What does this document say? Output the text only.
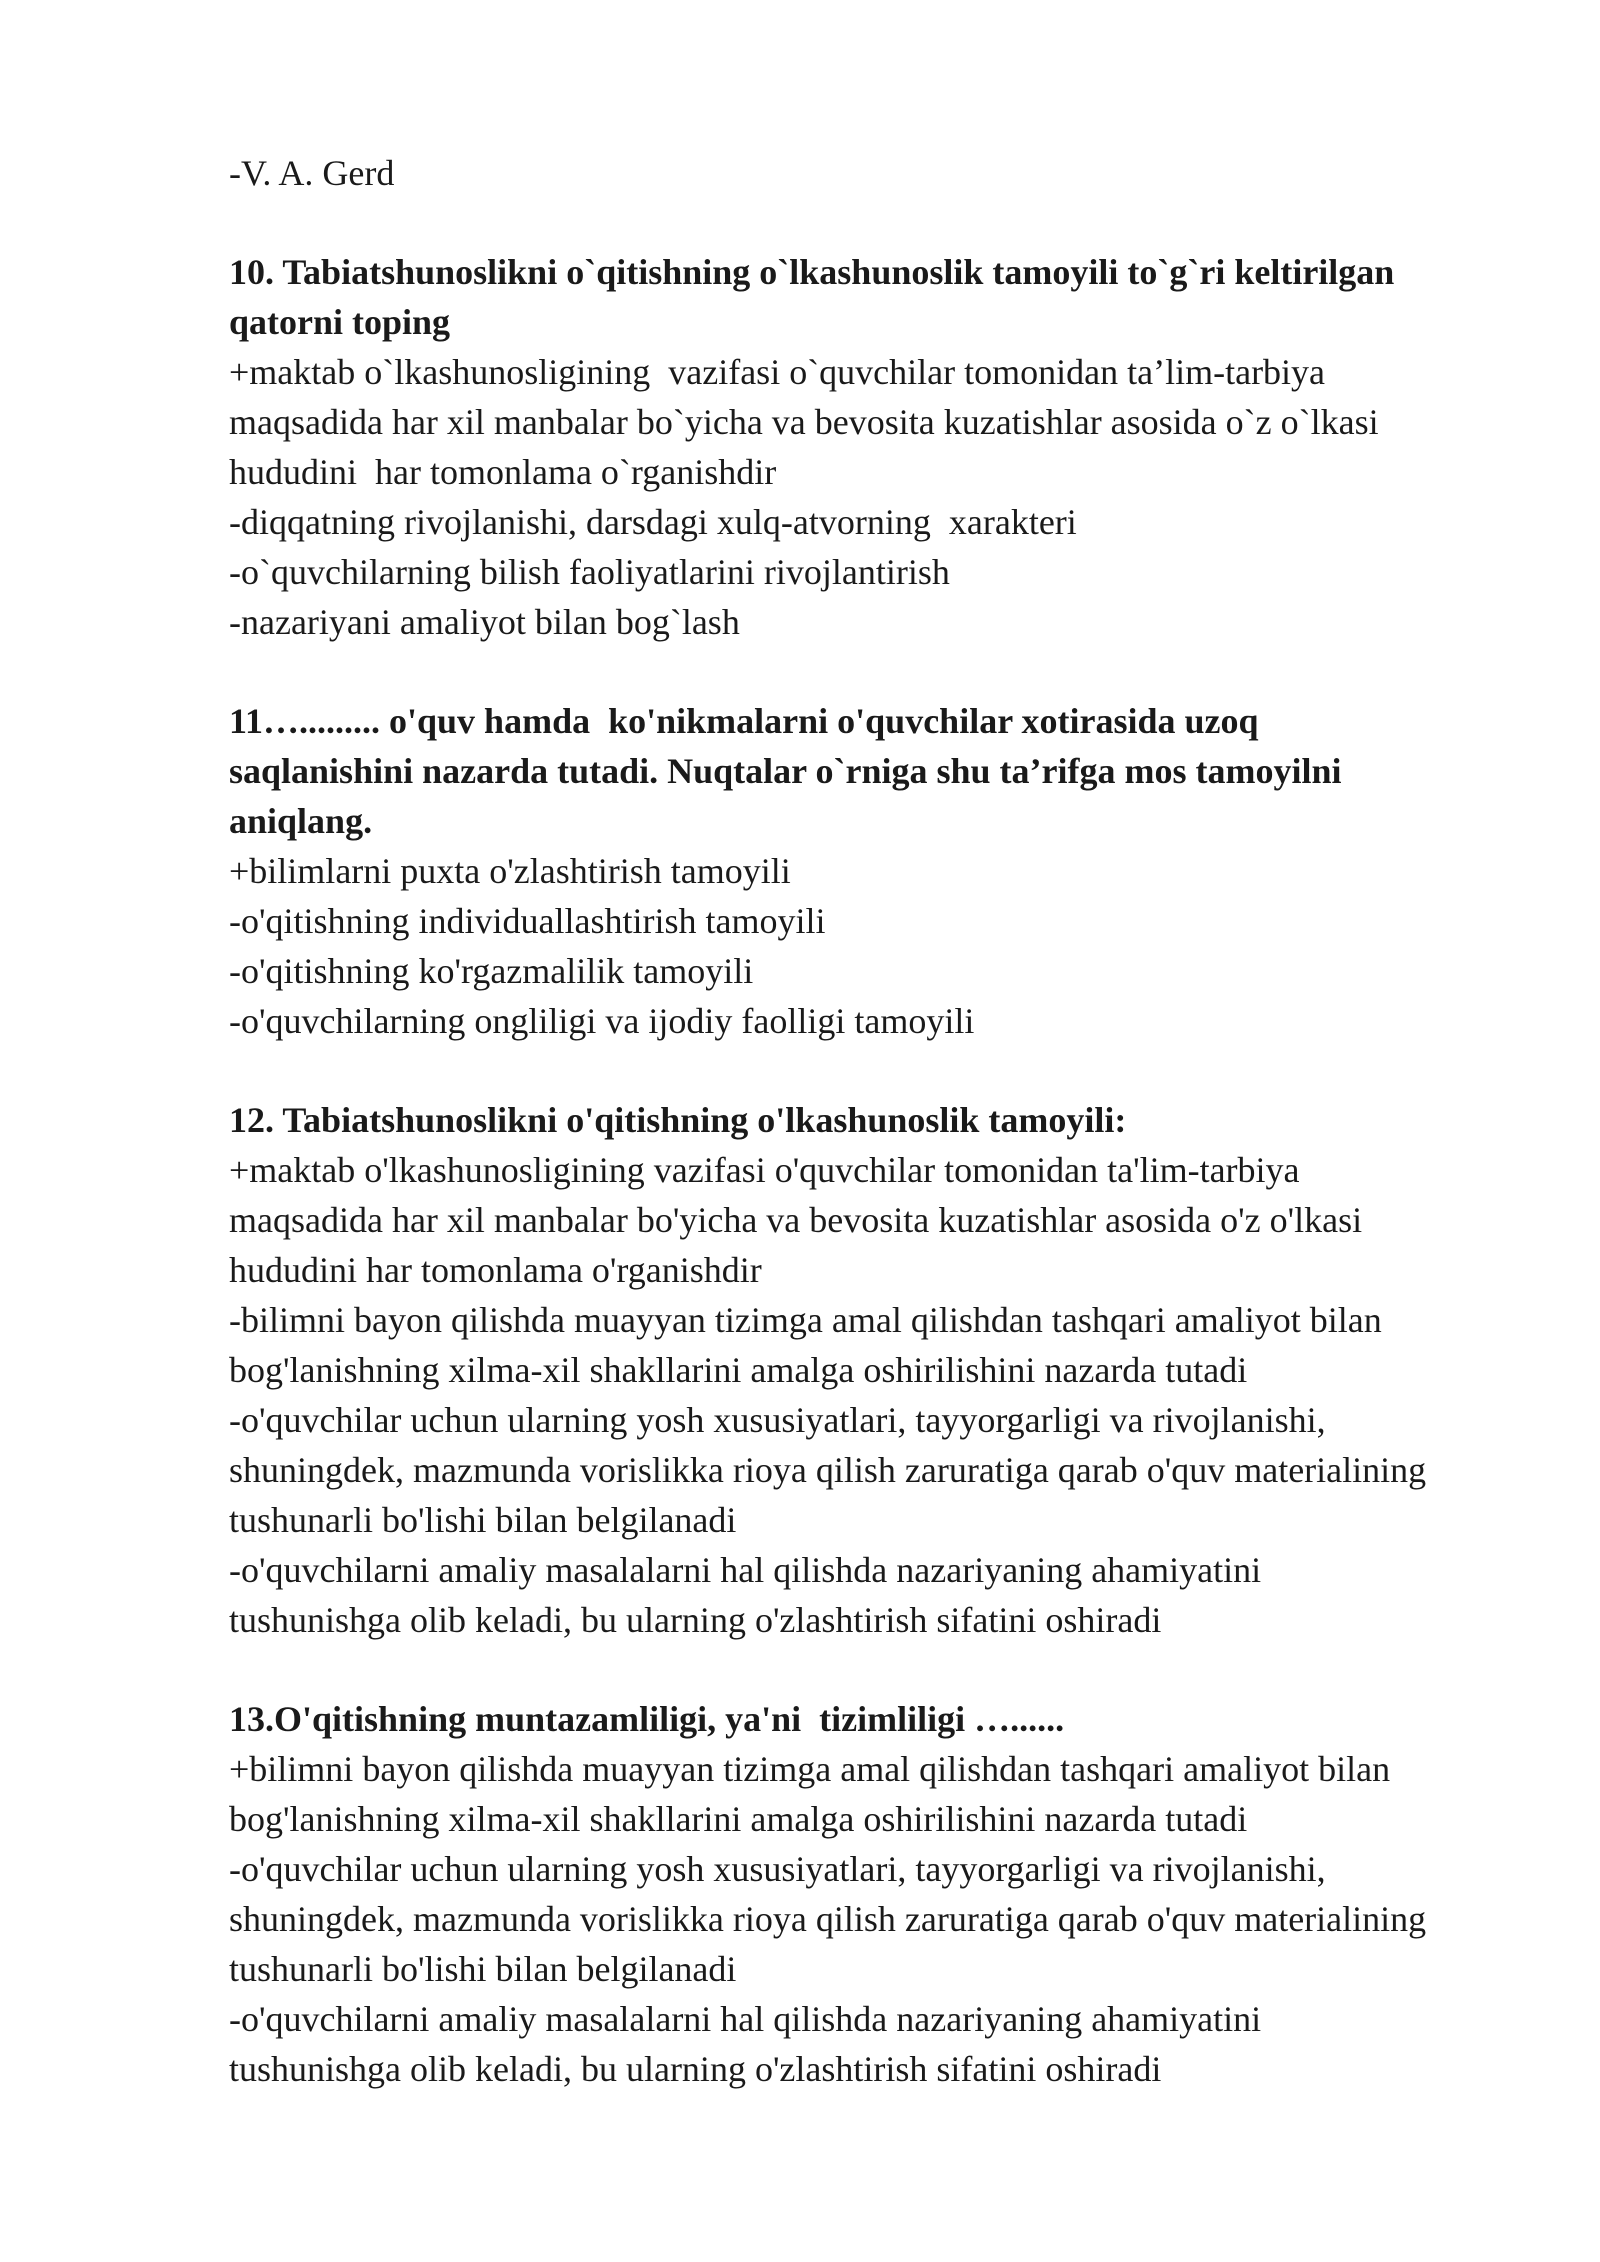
-V. A. Gerd

10. Tabiatshunoslikni o`qitishning o`lkashunoslik tamoyili to`g`ri keltirilgan

qatorni toping

+maktab o`lkashunosligining  vazifasi o`quvchilar tomonidan ta’lim-tarbiya

maqsadida har xil manbalar bo`yicha va bevosita kuzatishlar asosida o`z o`lkasi

hududini  har tomonlama o`rganishdir

-diqqatning rivojlanishi, darsdagi xulq-atvorning  xarakteri

-o`quvchilarning bilish faoliyatlarini rivojlantirish

-nazariyani amaliyot bilan bog`lash

11…......... o'quv hamda  ko'nikmalarni o'quvchilar xotirasida uzoq

saqlanishini nazarda tutadi. Nuqtalar o`rniga shu ta’rifga mos tamoyilni

aniqlang.

+bilimlarni puxta o'zlashtirish tamoyili

-o'qitishning individuallashtirish tamoyili

-o'qitishning ko'rgazmalilik tamoyili

-o'quvchilarning ongliligi va ijodiy faolligi tamoyili

12. Tabiatshunoslikni o'qitishning o'lkashunoslik tamoyili:

+maktab o'lkashunosligining vazifasi o'quvchilar tomonidan ta'lim-tarbiya

maqsadida har xil manbalar bo'yicha va bevosita kuzatishlar asosida o'z o'lkasi

hududini har tomonlama o'rganishdir

-bilimni bayon qilishda muayyan tizimga amal qilishdan tashqari amaliyot bilan

bog'lanishning xilma-xil shakllarini amalga oshirilishini nazarda tutadi

-o'quvchilar uchun ularning yosh xususiyatlari, tayyorgarligi va rivojlanishi,

shuningdek, mazmunda vorislikka rioya qilish zaruratiga qarab o'quv materialining

tushunarli bo'lishi bilan belgilanadi

-o'quvchilarni amaliy masalalarni hal qilishda nazariyaning ahamiyatini

tushunishga olib keladi, bu ularning o'zlashtirish sifatini oshiradi

13.O'qitishning muntazamliligi, ya'ni  tizimliligi …......

+bilimni bayon qilishda muayyan tizimga amal qilishdan tashqari amaliyot bilan

bog'lanishning xilma-xil shakllarini amalga oshirilishini nazarda tutadi

-o'quvchilar uchun ularning yosh xususiyatlari, tayyorgarligi va rivojlanishi,

shuningdek, mazmunda vorislikka rioya qilish zaruratiga qarab o'quv materialining

tushunarli bo'lishi bilan belgilanadi

-o'quvchilarni amaliy masalalarni hal qilishda nazariyaning ahamiyatini

tushunishga olib keladi, bu ularning o'zlashtirish sifatini oshiradi
